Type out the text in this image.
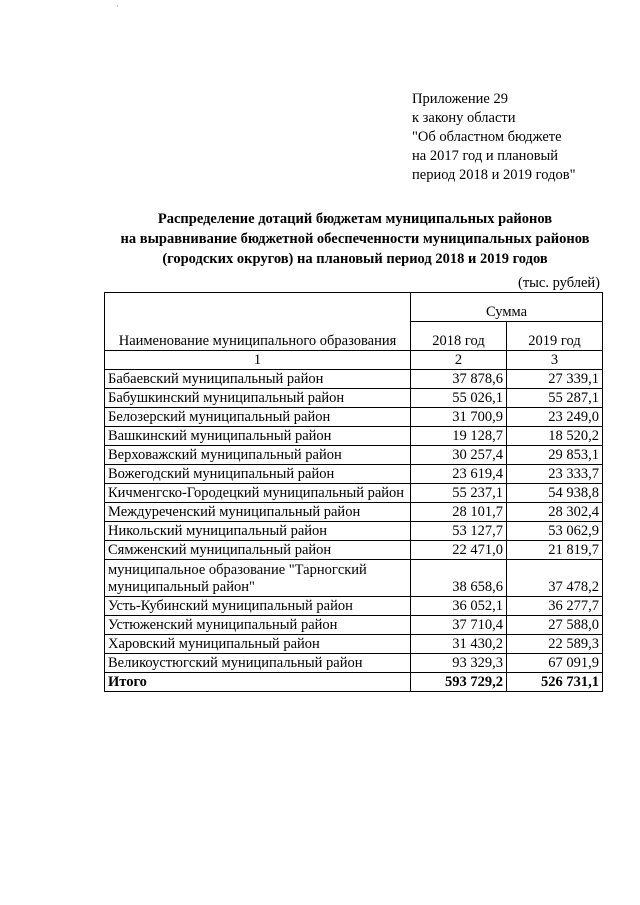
·
Приложение 29
к закону области
"Об областном бюджете
на 2017 год и плановый
период 2018 и 2019 годов"
Распределение дотаций бюджетам муниципальных районов
на выравнивание бюджетной обеспеченности муниципальных районов
(городских округов) на плановый период 2018 и 2019 годов
(тыс. рублей)
Наименование муниципального образования	Сумма	
	2018 год	2019 год
1	2	3
Бабаевский муниципальный район	37 878,6	27 339,1
Бабушкинский муниципальный район	55 026,1	55 287,1
Белозерский муниципальный район	31 700,9	23 249,0
Вашкинский муниципальный район	19 128,7	18 520,2
Верховажский муниципальный район	30 257,4	29 853,1
Вожегодский муниципальный район	23 619,4	23 333,7
Кичменгско-Городецкий муниципальный район	55 237,1	54 938,8
Междуреченский муниципальный район	28 101,7	28 302,4
Никольский муниципальный район	53 127,7	53 062,9
Сямженский муниципальный район	22 471,0	21 819,7
муниципальное образование "Тарногский муниципальный район"	38 658,6	37 478,2
Усть-Кубинский муниципальный район	36 052,1	36 277,7
Устюженский муниципальный район	37 710,4	27 588,0
Харовский муниципальный район	31 430,2	22 589,3
Великоустюгский муниципальный район	93 329,3	67 091,9
Итого	593 729,2	526 731,1
